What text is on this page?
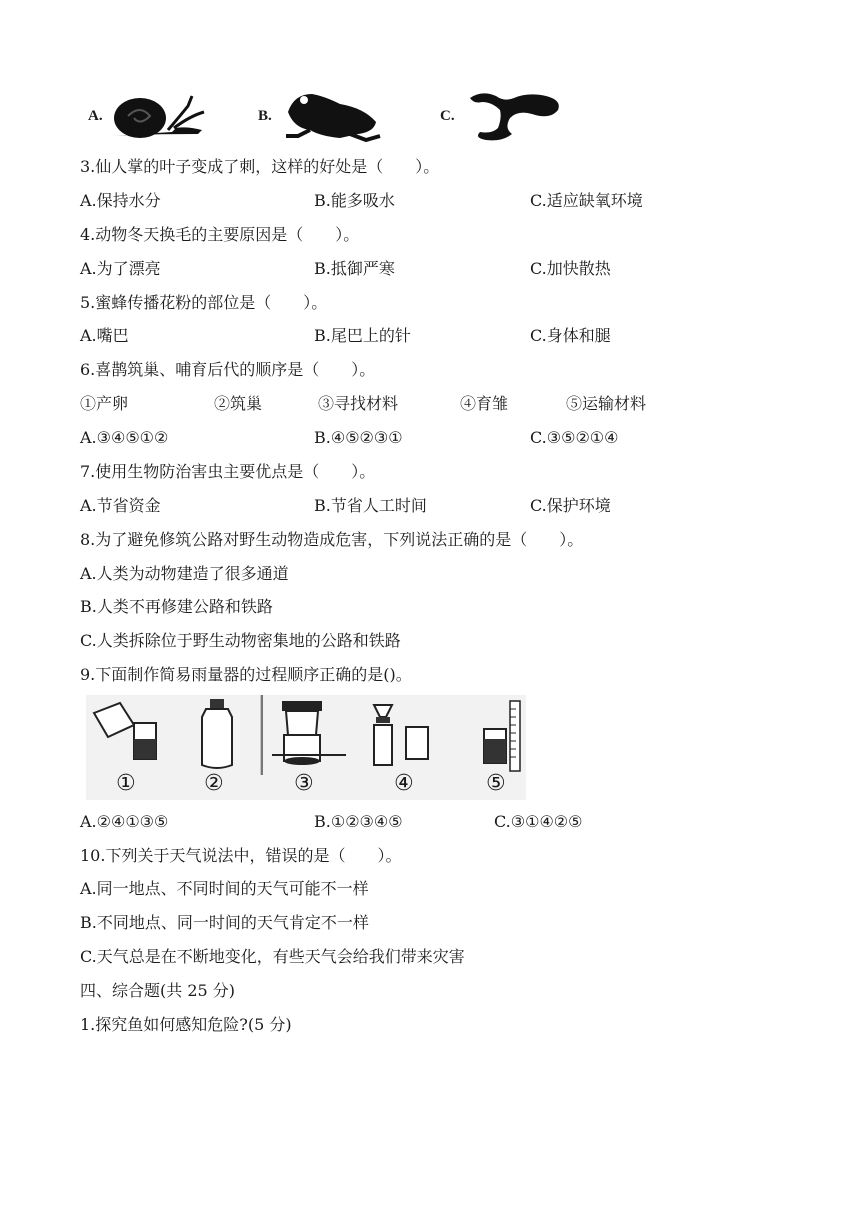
A.	B.	C.
3.仙人掌的叶子变成了刺，这样的好处是（　　）。
A.保持水分	B.能多吸水	C.适应缺氧环境
4.动物冬天换毛的主要原因是（　　）。
A.为了漂亮	B.抵御严寒	C.加快散热
5.蜜蜂传播花粉的部位是（　　）。
A.嘴巴	B.尾巴上的针	C.身体和腿
6.喜鹊筑巢、哺育后代的顺序是（　　）。
①产卵	②筑巢	③寻找材料	④育雏	⑤运输材料
A.③④⑤①②	B.④⑤②③①	C.③⑤②①④
7.使用生物防治害虫主要优点是（　　）。
A.节省资金	B.节省人工时间	C.保护环境
8.为了避免修筑公路对野生动物造成危害，下列说法正确的是（　　）。
A.人类为动物建造了很多通道
B.人类不再修建公路和铁路
C.人类拆除位于野生动物密集地的公路和铁路
9.下面制作简易雨量器的过程顺序正确的是()。
①	②	③	④	⑤
A.②④①③⑤	B.①②③④⑤	C.③①④②⑤
10.下列关于天气说法中，错误的是（　　）。
A.同一地点、不同时间的天气可能不一样
B.不同地点、同一时间的天气肯定不一样
C.天气总是在不断地变化，有些天气会给我们带来灾害
四、综合题(共 25 分)
1.探究鱼如何感知危险?(5 分)
